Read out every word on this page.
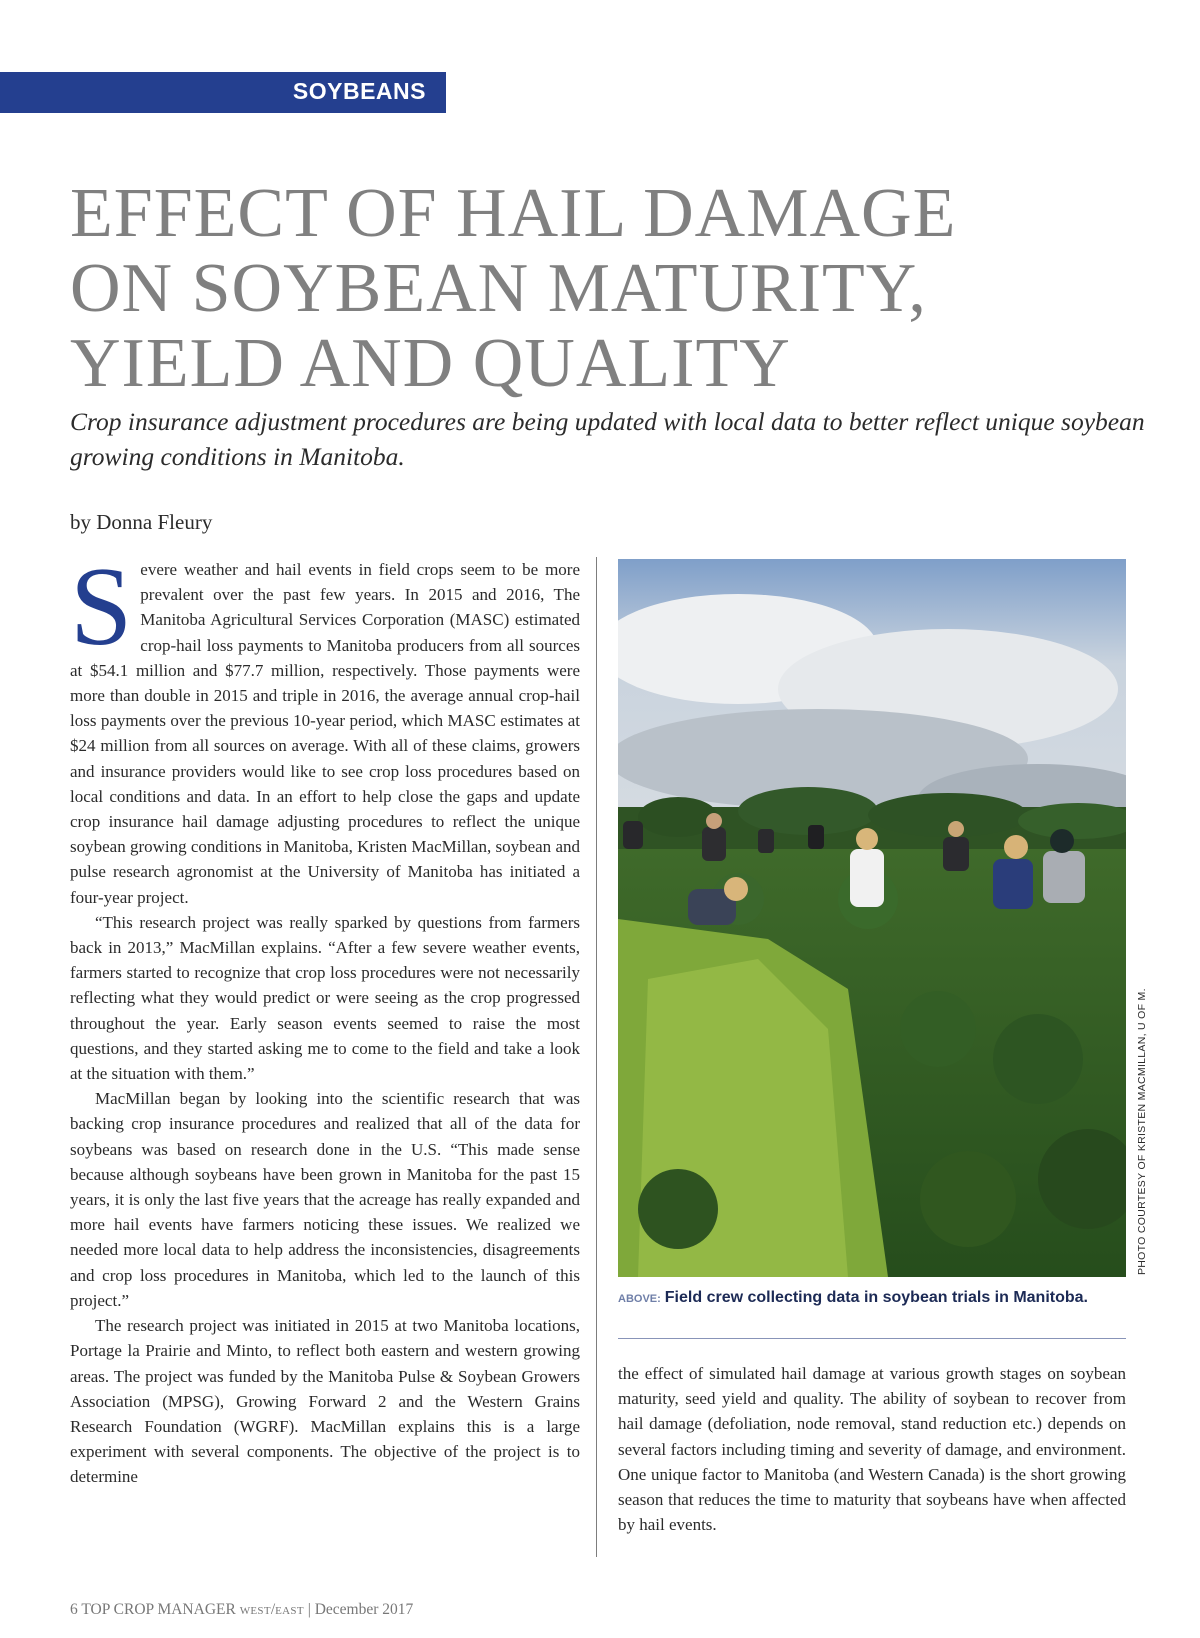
SOYBEANS
EFFECT OF HAIL DAMAGE
ON SOYBEAN MATURITY,
YIELD AND QUALITY

Crop insurance adjustment procedures are being updated with local data to better reflect unique soybean growing conditions in Manitoba.

by Donna Fleury

Severe weather and hail events in field crops seem to be more prevalent over the past few years. In 2015 and 2016, The Manitoba Agricultural Services Corporation (MASC) estimated crop-hail loss payments to Manitoba producers from all sources at $54.1 million and $77.7 million, respectively. Those payments were more than double in 2015 and triple in 2016, the average annual crop-hail loss payments over the previous 10-year period, which MASC estimates at $24 million from all sources on average. With all of these claims, growers and insurance providers would like to see crop loss procedures based on local conditions and data. In an effort to help close the gaps and update crop insurance hail damage adjusting procedures to reflect the unique soybean growing conditions in Manitoba, Kristen MacMillan, soybean and pulse research agronomist at the University of Manitoba has initiated a four-year project.

“This research project was really sparked by questions from farmers back in 2013,” MacMillan explains. “After a few severe weather events, farmers started to recognize that crop loss procedures were not necessarily reflecting what they would predict or were seeing as the crop progressed throughout the year. Early season events seemed to raise the most questions, and they started asking me to come to the field and take a look at the situation with them.”

MacMillan began by looking into the scientific research that was backing crop insurance procedures and realized that all of the data for soybeans was based on research done in the U.S. “This made sense because although soybeans have been grown in Manitoba for the past 15 years, it is only the last five years that the acreage has really expanded and more hail events have farmers noticing these issues. We realized we needed more local data to help address the inconsistencies, disagreements and crop loss procedures in Manitoba, which led to the launch of this project.”

The research project was initiated in 2015 at two Manitoba locations, Portage la Prairie and Minto, to reflect both eastern and western growing areas. The project was funded by the Manitoba Pulse & Soybean Growers Association (MPSG), Growing Forward 2 and the Western Grains Research Foundation (WGRF). MacMillan explains this is a large experiment with several components. The objective of the project is to determine

PHOTO COURTESY OF KRISTEN MACMILLAN, U OF M.
ABOVE: Field crew collecting data in soybean trials in Manitoba.

the effect of simulated hail damage at various growth stages on soybean maturity, seed yield and quality. The ability of soybean to recover from hail damage (defoliation, node removal, stand reduction etc.) depends on several factors including timing and severity of damage, and environment. One unique factor to Manitoba (and Western Canada) is the short growing season that reduces the time to maturity that soybeans have when affected by hail events.

6 TOP CROP MANAGER WEST/EAST | December 2017
